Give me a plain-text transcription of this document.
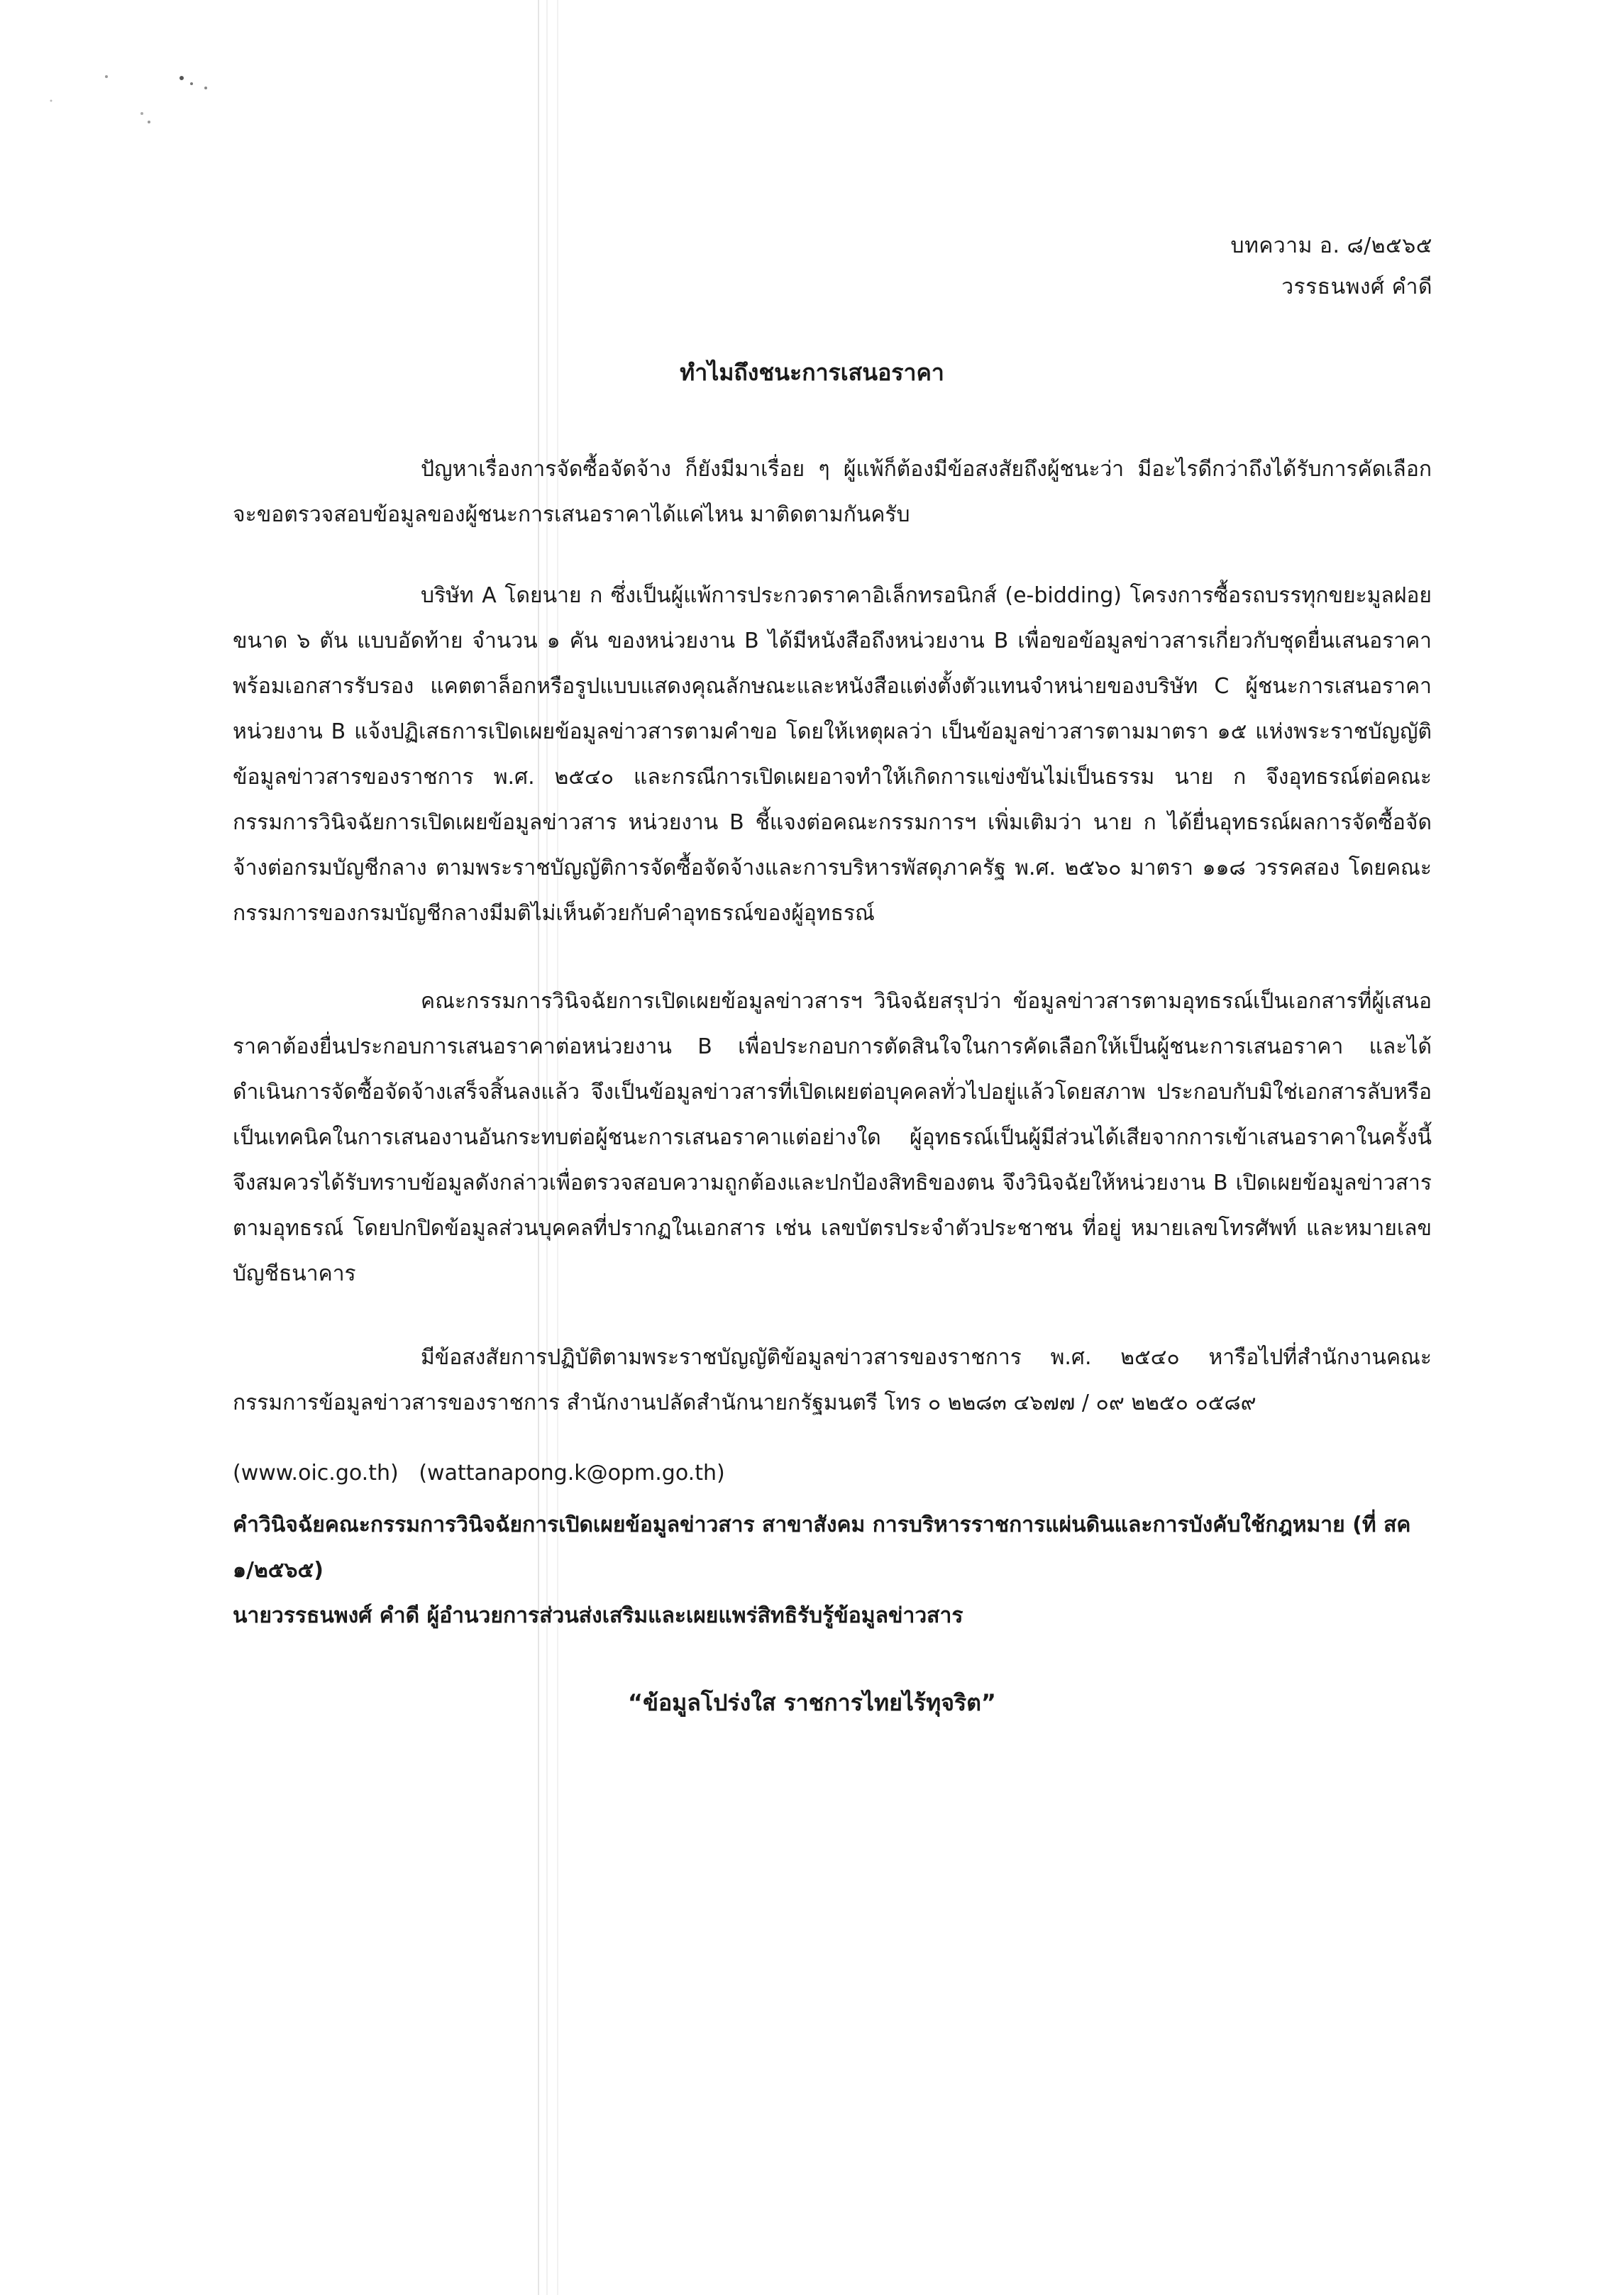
บทความ อ. ๘/๒๕๖๕
วรรธนพงศ์ คำดี
ทำไมถึงชนะการเสนอราคา

ปัญหาเรื่องการจัดซื้อจัดจ้าง ก็ยังมีมาเรื่อย ๆ ผู้แพ้ก็ต้องมีข้อสงสัยถึงผู้ชนะว่า มีอะไรดีกว่าถึงได้รับการคัดเลือก จะขอตรวจสอบข้อมูลของผู้ชนะการเสนอราคาได้แค่ไหน มาติดตามกันครับ

บริษัท A โดยนาย ก ซึ่งเป็นผู้แพ้การประกวดราคาอิเล็กทรอนิกส์ (e-bidding) โครงการซื้อรถบรรทุกขยะมูลฝอย ขนาด ๖ ตัน แบบอัดท้าย จำนวน ๑ คัน ของหน่วยงาน B ได้มีหนังสือถึงหน่วยงาน B เพื่อขอข้อมูลข่าวสารเกี่ยวกับชุดยื่นเสนอราคาพร้อมเอกสารรับรอง แคตตาล็อกหรือรูปแบบแสดงคุณลักษณะและหนังสือแต่งตั้งตัวแทนจำหน่ายของบริษัท C ผู้ชนะการเสนอราคา หน่วยงาน B แจ้งปฏิเสธการเปิดเผยข้อมูลข่าวสารตามคำขอ โดยให้เหตุผลว่า เป็นข้อมูลข่าวสารตามมาตรา ๑๕ แห่งพระราชบัญญัติข้อมูลข่าวสารของราชการ พ.ศ. ๒๕๔๐ และกรณีการเปิดเผยอาจทำให้เกิดการแข่งขันไม่เป็นธรรม นาย ก จึงอุทธรณ์ต่อคณะกรรมการวินิจฉัยการเปิดเผยข้อมูลข่าวสาร หน่วยงาน B ชี้แจงต่อคณะกรรมการฯ เพิ่มเติมว่า นาย ก ได้ยื่นอุทธรณ์ผลการจัดซื้อจัดจ้างต่อกรมบัญชีกลาง ตามพระราชบัญญัติการจัดซื้อจัดจ้างและการบริหารพัสดุภาครัฐ พ.ศ. ๒๕๖๐ มาตรา ๑๑๘ วรรคสอง โดยคณะกรรมการของกรมบัญชีกลางมีมติไม่เห็นด้วยกับคำอุทธรณ์ของผู้อุทธรณ์

คณะกรรมการวินิจฉัยการเปิดเผยข้อมูลข่าวสารฯ วินิจฉัยสรุปว่า ข้อมูลข่าวสารตามอุทธรณ์เป็นเอกสารที่ผู้เสนอราคาต้องยื่นประกอบการเสนอราคาต่อหน่วยงาน B เพื่อประกอบการตัดสินใจในการคัดเลือกให้เป็นผู้ชนะการเสนอราคา และได้ดำเนินการจัดซื้อจัดจ้างเสร็จสิ้นลงแล้ว จึงเป็นข้อมูลข่าวสารที่เปิดเผยต่อบุคคลทั่วไปอยู่แล้วโดยสภาพ ประกอบกับมิใช่เอกสารลับหรือเป็นเทคนิคในการเสนองานอันกระทบต่อผู้ชนะการเสนอราคาแต่อย่างใด ผู้อุทธรณ์เป็นผู้มีส่วนได้เสียจากการเข้าเสนอราคาในครั้งนี้ จึงสมควรได้รับทราบข้อมูลดังกล่าวเพื่อตรวจสอบความถูกต้องและปกป้องสิทธิของตน จึงวินิจฉัยให้หน่วยงาน B เปิดเผยข้อมูลข่าวสารตามอุทธรณ์ โดยปกปิดข้อมูลส่วนบุคคลที่ปรากฏในเอกสาร เช่น เลขบัตรประจำตัวประชาชน ที่อยู่ หมายเลขโทรศัพท์ และหมายเลขบัญชีธนาคาร

มีข้อสงสัยการปฏิบัติตามพระราชบัญญัติข้อมูลข่าวสารของราชการ พ.ศ. ๒๕๔๐ หารือไปที่สำนักงานคณะกรรมการข้อมูลข่าวสารของราชการ สำนักงานปลัดสำนักนายกรัฐมนตรี โทร ๐ ๒๒๘๓ ๔๖๗๗ / ๐๙ ๒๒๕๐ ๐๕๘๙

(www.oic.go.th) (wattanapong.k@opm.go.th)
คำวินิจฉัยคณะกรรมการวินิจฉัยการเปิดเผยข้อมูลข่าวสาร สาขาสังคม การบริหารราชการแผ่นดินและการบังคับใช้กฎหมาย (ที่ สค ๑/๒๕๖๕)
นายวรรธนพงศ์ คำดี ผู้อำนวยการส่วนส่งเสริมและเผยแพร่สิทธิรับรู้ข้อมูลข่าวสาร
“ข้อมูลโปร่งใส ราชการไทยไร้ทุจริต”
